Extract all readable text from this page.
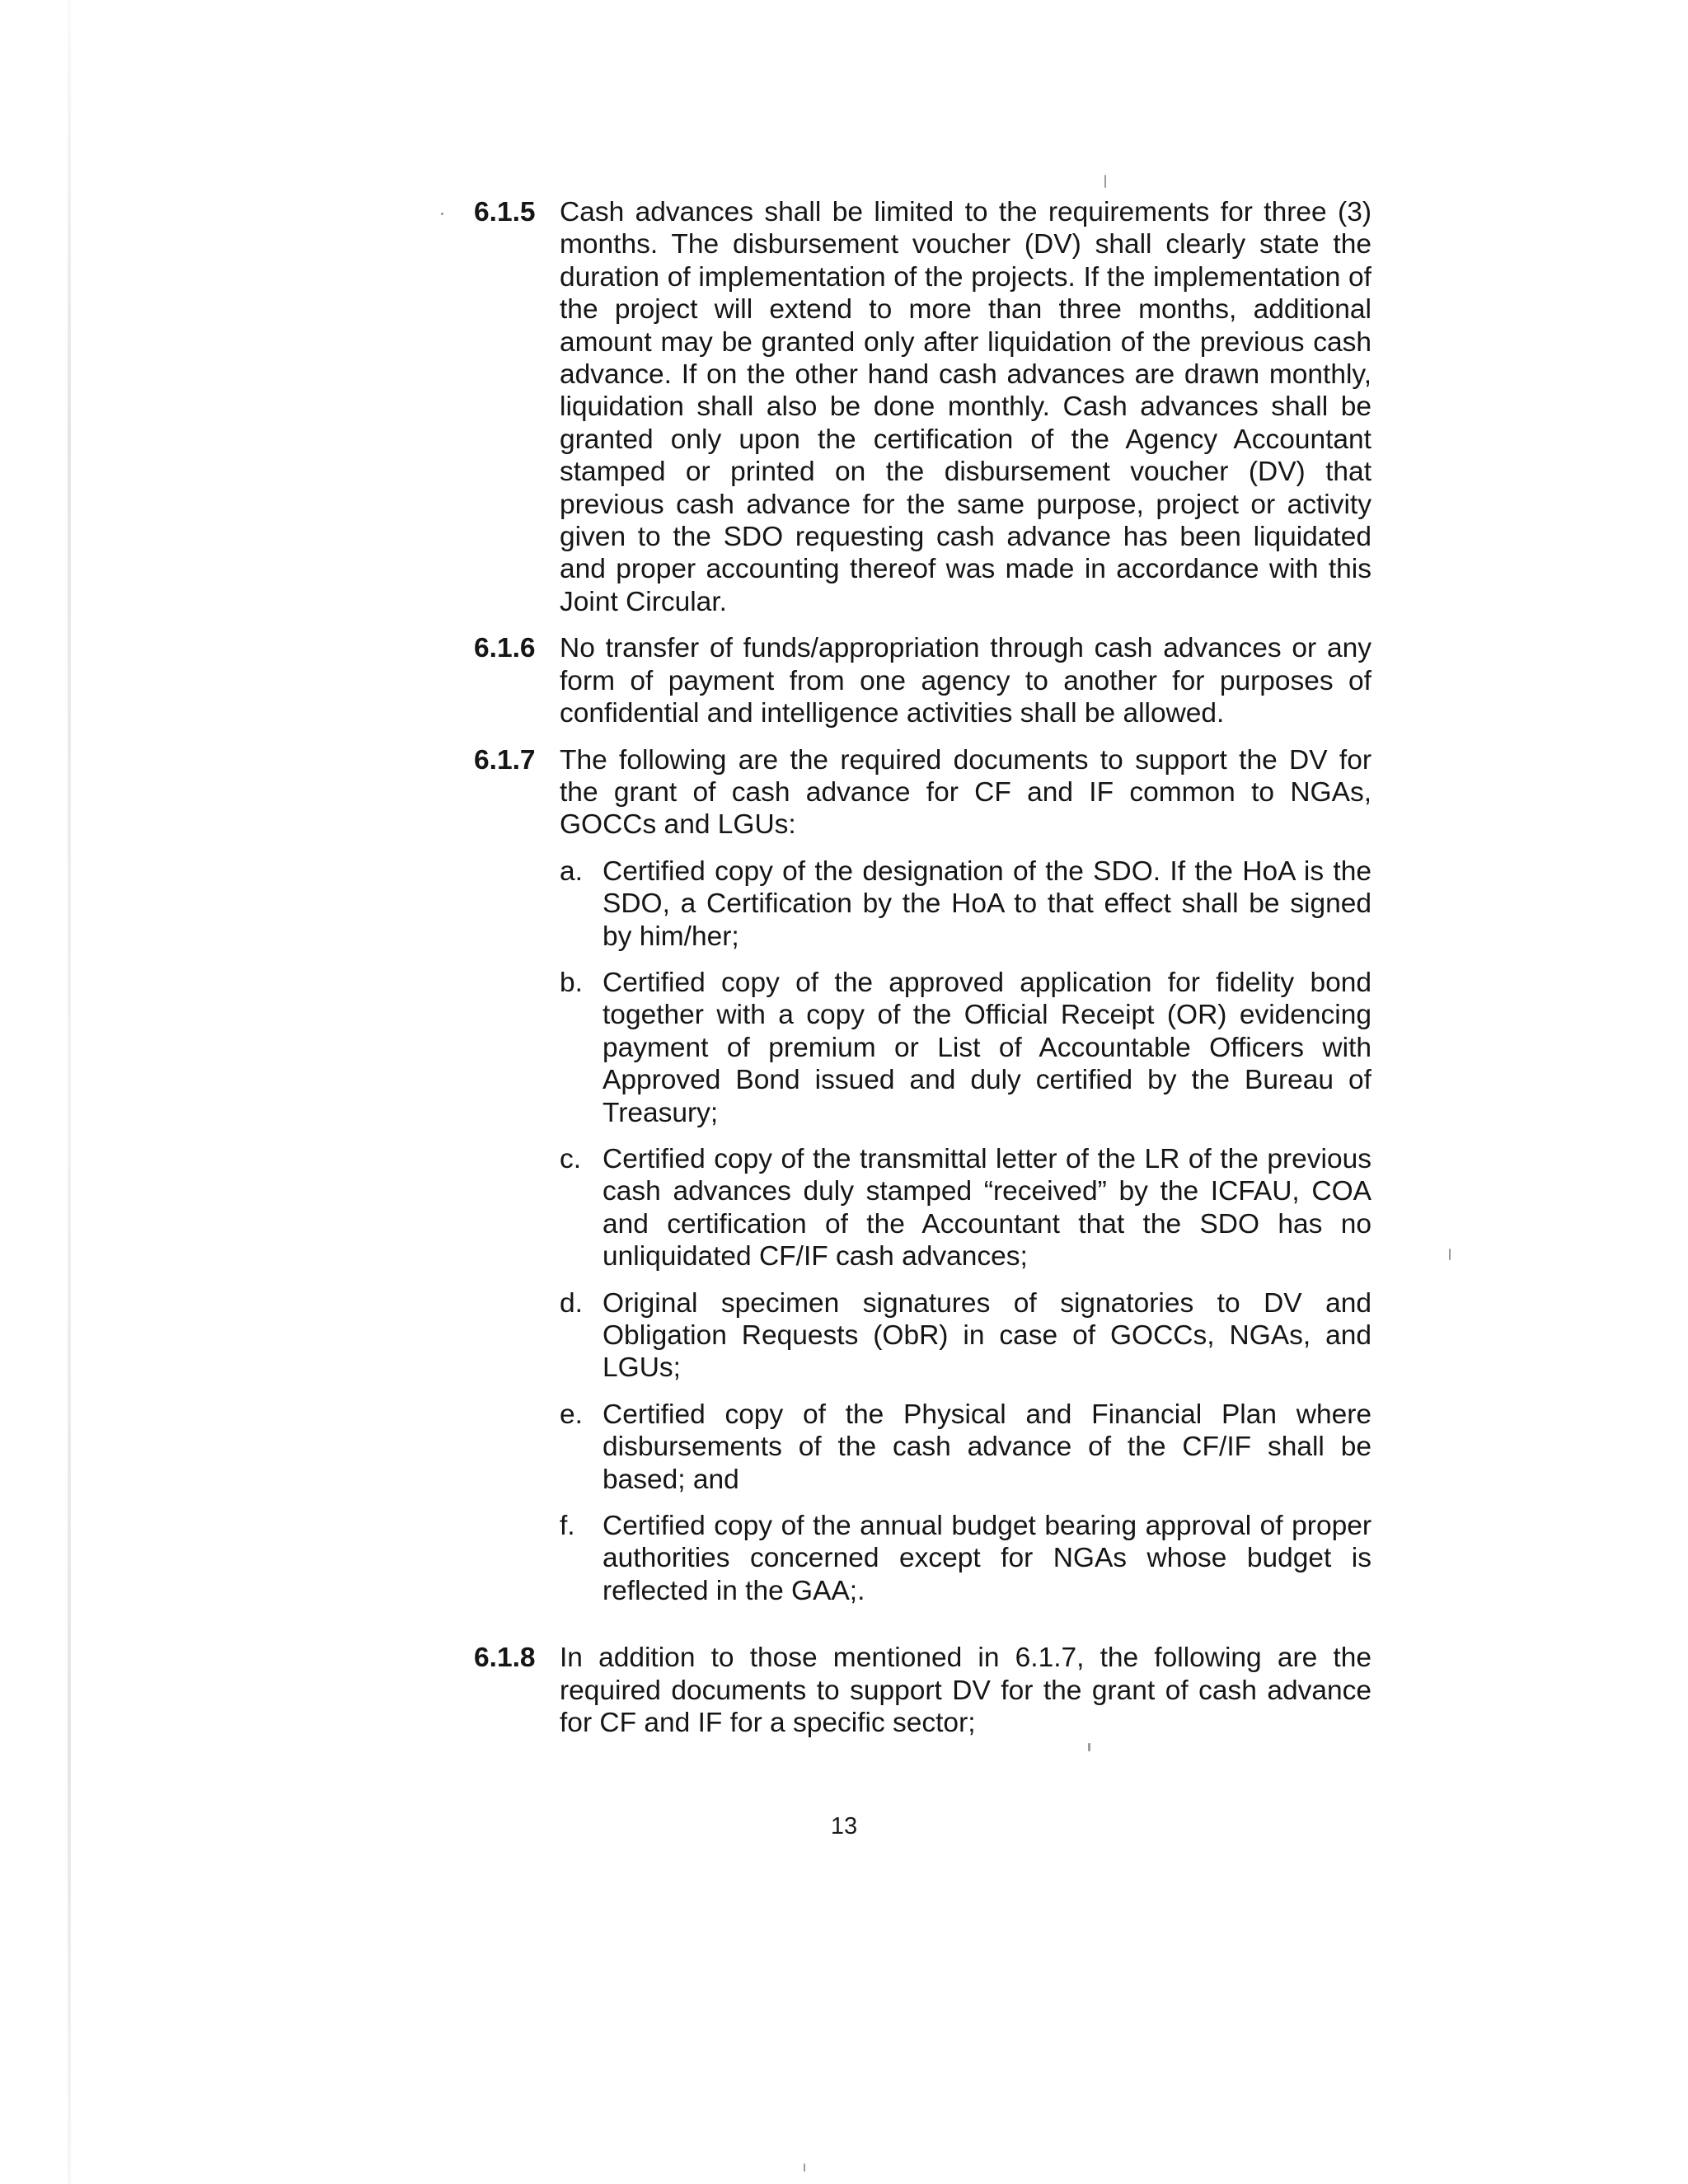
6.1.5 Cash advances shall be limited to the requirements for three (3) months. The disbursement voucher (DV) shall clearly state the duration of implementation of the projects. If the implementation of the project will extend to more than three months, additional amount may be granted only after liquidation of the previous cash advance. If on the other hand cash advances are drawn monthly, liquidation shall also be done monthly. Cash advances shall be granted only upon the certification of the Agency Accountant stamped or printed on the disbursement voucher (DV) that previous cash advance for the same purpose, project or activity given to the SDO requesting cash advance has been liquidated and proper accounting thereof was made in accordance with this Joint Circular.
6.1.6 No transfer of funds/appropriation through cash advances or any form of payment from one agency to another for purposes of confidential and intelligence activities shall be allowed.
6.1.7 The following are the required documents to support the DV for the grant of cash advance for CF and IF common to NGAs, GOCCs and LGUs:
a. Certified copy of the designation of the SDO. If the HoA is the SDO, a Certification by the HoA to that effect shall be signed by him/her;
b. Certified copy of the approved application for fidelity bond together with a copy of the Official Receipt (OR) evidencing payment of premium or List of Accountable Officers with Approved Bond issued and duly certified by the Bureau of Treasury;
c. Certified copy of the transmittal letter of the LR of the previous cash advances duly stamped “received” by the ICFAU, COA and certification of the Accountant that the SDO has no unliquidated CF/IF cash advances;
d. Original specimen signatures of signatories to DV and Obligation Requests (ObR) in case of GOCCs, NGAs, and LGUs;
e. Certified copy of the Physical and Financial Plan where disbursements of the cash advance of the CF/IF shall be based; and
f. Certified copy of the annual budget bearing approval of proper authorities concerned except for NGAs whose budget is reflected in the GAA;.
6.1.8 In addition to those mentioned in 6.1.7, the following are the required documents to support DV for the grant of cash advance for CF and IF for a specific sector;
13
